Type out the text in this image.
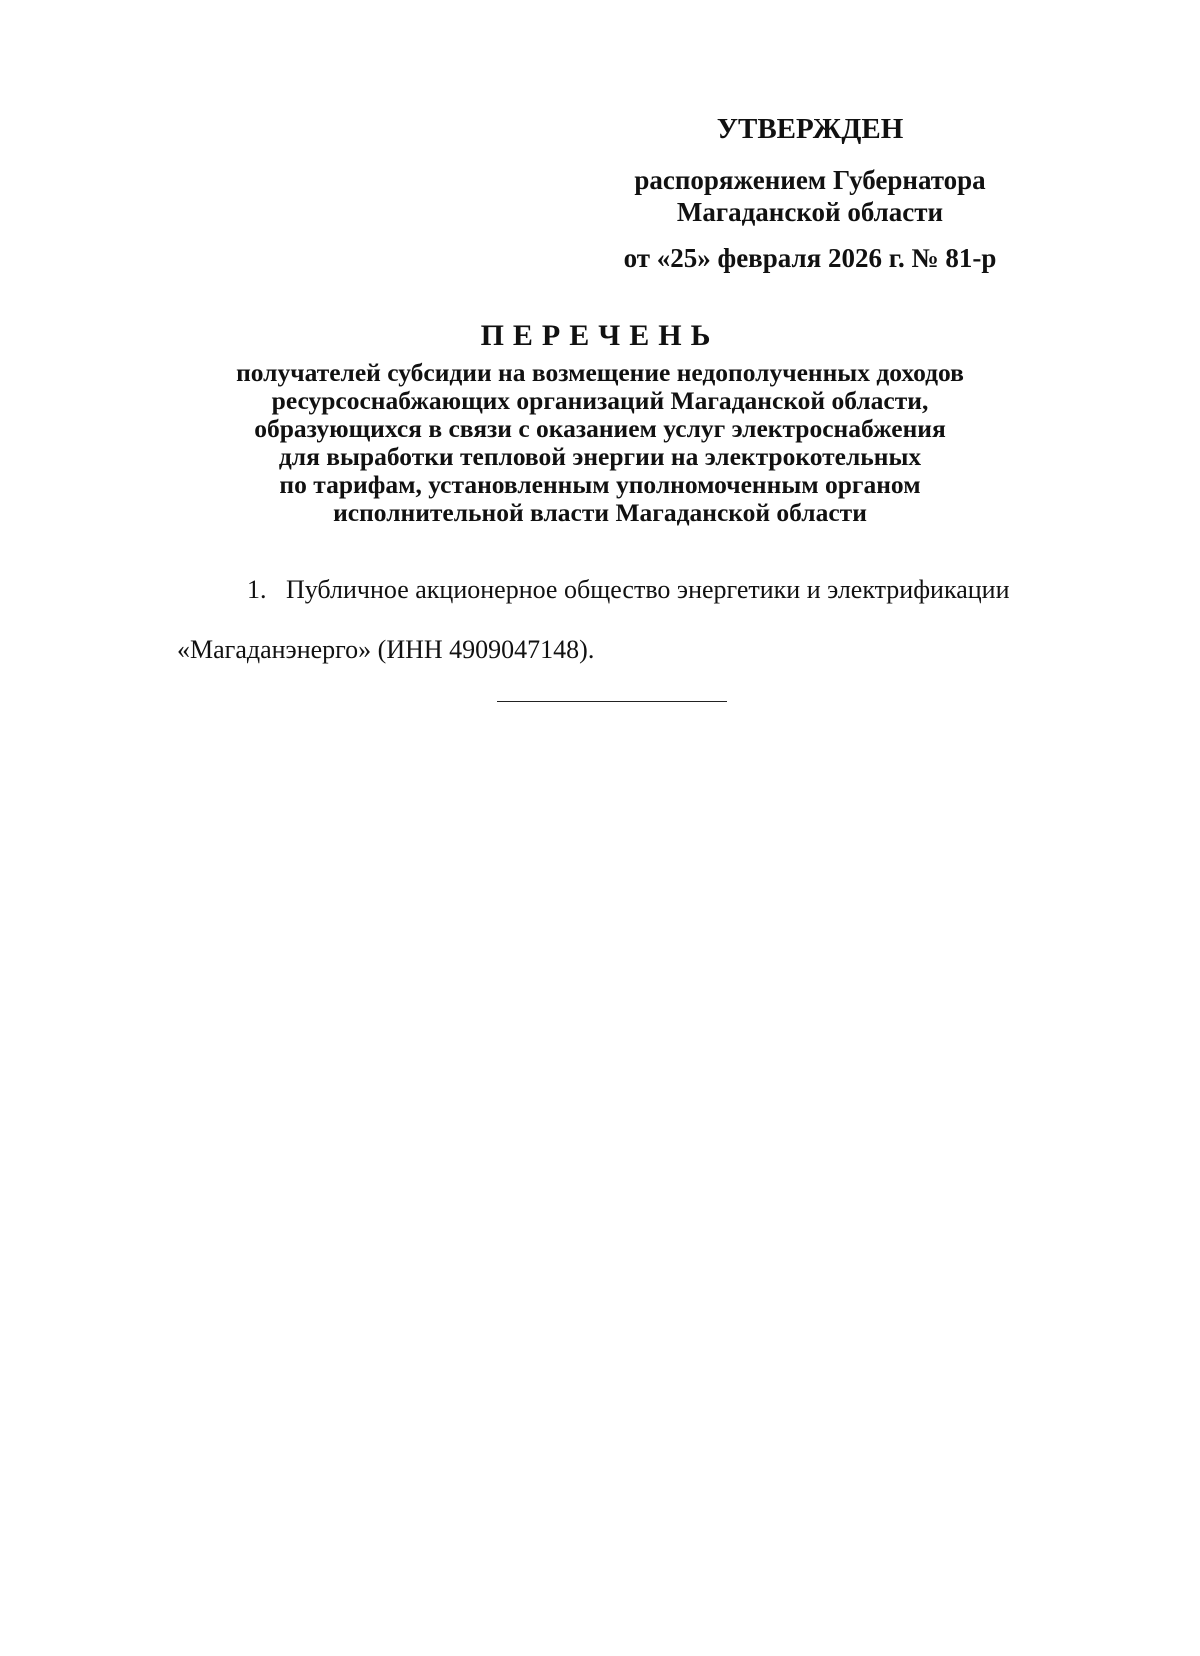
УТВЕРЖДЕН

распоряжением Губернатора

Магаданской области

от «25» февраля 2026 г. № 81-р

ПЕРЕЧЕНЬ
получателей субсидии на возмещение недополученных доходов
ресурсоснабжающих организаций Магаданской области,
образующихся в связи с оказанием услуг электроснабжения
для выработки тепловой энергии на электрокотельных
по тарифам, установленным уполномоченным органом
исполнительной власти Магаданской области
1. Публичное акционерное общество энергетики и электрификации
«Магаданэнерго» (ИНН 4909047148).
